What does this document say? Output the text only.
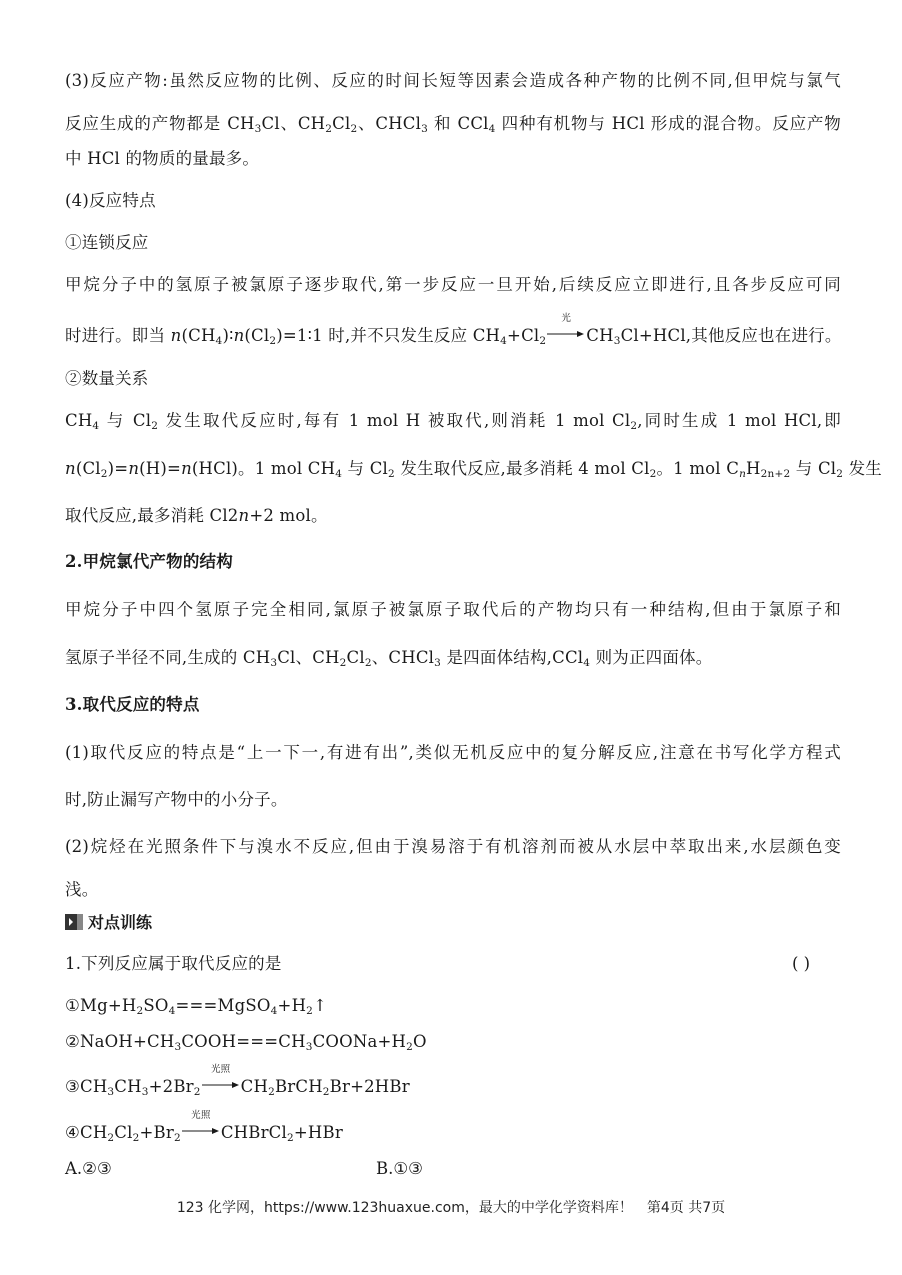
(3)反应产物:虽然反应物的比例、反应的时间长短等因素会造成各种产物的比例不同,但甲烷与氯气
反应生成的产物都是 $CH_3Cl$、$CH_2Cl_2$、CHCl$_3$ 和 CCl$_4$ 四种有机物与 HCl 形成的混合物。反应产物
中 HCl 的物质的量最多。
(4)反应特点
①连锁反应
甲烷分子中的氢原子被氯原子逐步取代,第一步反应一旦开始,后续反应立即进行,且各步反应可同
时进行。即当 $n(CH_4)∶n(Cl_2)=1∶1$ 时,并不只发生反应 $CH_4+Cl_2$
光
$CH_3Cl+HCl$,其他反应也在进行。
②数量关系
$CH_4$ 与 $Cl_2$ 发生取代反应时,每有 1 mol H 被取代,则消耗 1 mol $Cl_2$,同时生成 1 mol HCl,即
$n(Cl_2)=n(H)=n(HCl)$。1 mol $CH_4$ 与 $Cl_2$ 发生取代反应,最多消耗 4 mol $Cl_2$。1 mol $C_nH_{2n+2}$ 与 $Cl_2$ 发生
取代反应,最多消耗 Cl2n+2 mol。
2.甲烷氯代产物的结构
甲烷分子中四个氢原子完全相同,氯原子被氯原子取代后的产物均只有一种结构,但由于氯原子和
氢原子半径不同,生成的 $CH_3Cl$、$CH_2Cl_2$、CHCl$_3$ 是四面体结构,CCl$_4$ 则为正四面体。
3.取代反应的特点
(1)取代反应的特点是“上一下一,有进有出”,类似无机反应中的复分解反应,注意在书写化学方程式
时,防止漏写产物中的小分子。
(2)烷烃在光照条件下与溴水不反应,但由于溴易溶于有机溶剂而被从水层中萃取出来,水层颜色变
浅。
对点训练
1.下列反应属于取代反应的是	( )
$①Mg+H_2SO_4===MgSO_4+H_2↑$
$②NaOH+CH_3COOH===CH_3COONa+H_2O$
$③CH_3CH_3+2Br_2$
光照
$CH_2BrCH_2Br+2HBr$
$④CH_2Cl_2+Br_2$
光照
CHBrCl$_2$+HBr
A.②③	B.①③
123 化学网，https://www.123huaxue.com，最大的中学化学资料库！　第4页 共7页
